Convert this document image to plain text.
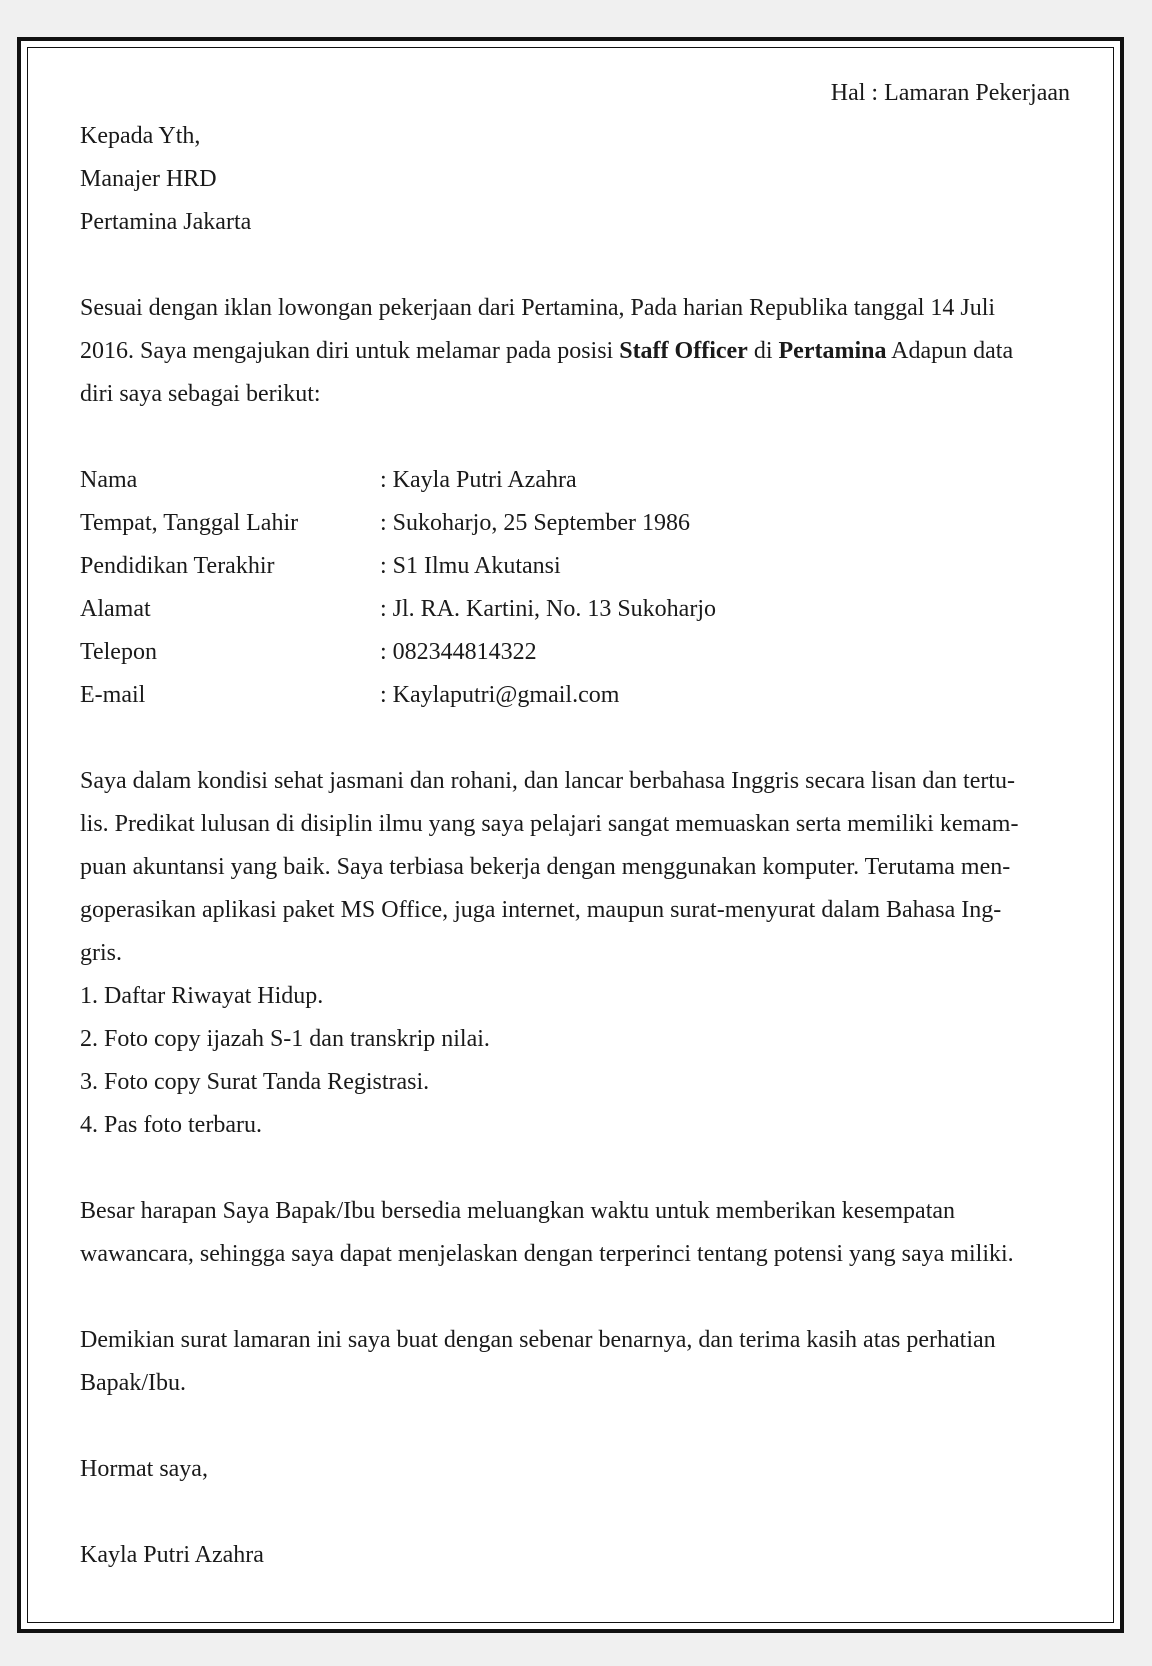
Hal : Lamaran Pekerjaan
Kepada Yth,
Manajer HRD
Pertamina Jakarta
Sesuai dengan iklan lowongan pekerjaan dari Pertamina, Pada harian Republika tanggal 14 Juli
2016. Saya mengajukan diri untuk melamar pada posisi Staff Officer di Pertamina Adapun data
diri saya sebagai berikut:
Nama	: Kayla Putri Azahra
Tempat, Tanggal Lahir	: Sukoharjo, 25 September 1986
Pendidikan Terakhir	: S1 Ilmu Akutansi
Alamat	: Jl. RA. Kartini, No. 13 Sukoharjo
Telepon	: 082344814322
E-mail	: Kaylaputri@gmail.com
Saya dalam kondisi sehat jasmani dan rohani, dan lancar berbahasa Inggris secara lisan dan tertu-
lis. Predikat lulusan di disiplin ilmu yang saya pelajari sangat memuaskan serta memiliki kemam-
puan akuntansi yang baik. Saya terbiasa bekerja dengan menggunakan komputer. Terutama men-
goperasikan aplikasi paket MS Office, juga internet, maupun surat-menyurat dalam Bahasa Ing-
gris.
1. Daftar Riwayat Hidup.
2. Foto copy ijazah S-1 dan transkrip nilai.
3. Foto copy Surat Tanda Registrasi.
4. Pas foto terbaru.
Besar harapan Saya Bapak/Ibu bersedia meluangkan waktu untuk memberikan kesempatan
wawancara, sehingga saya dapat menjelaskan dengan terperinci tentang potensi yang saya miliki.
Demikian surat lamaran ini saya buat dengan sebenar benarnya, dan terima kasih atas perhatian
Bapak/Ibu.
Hormat saya,
Kayla Putri Azahra
